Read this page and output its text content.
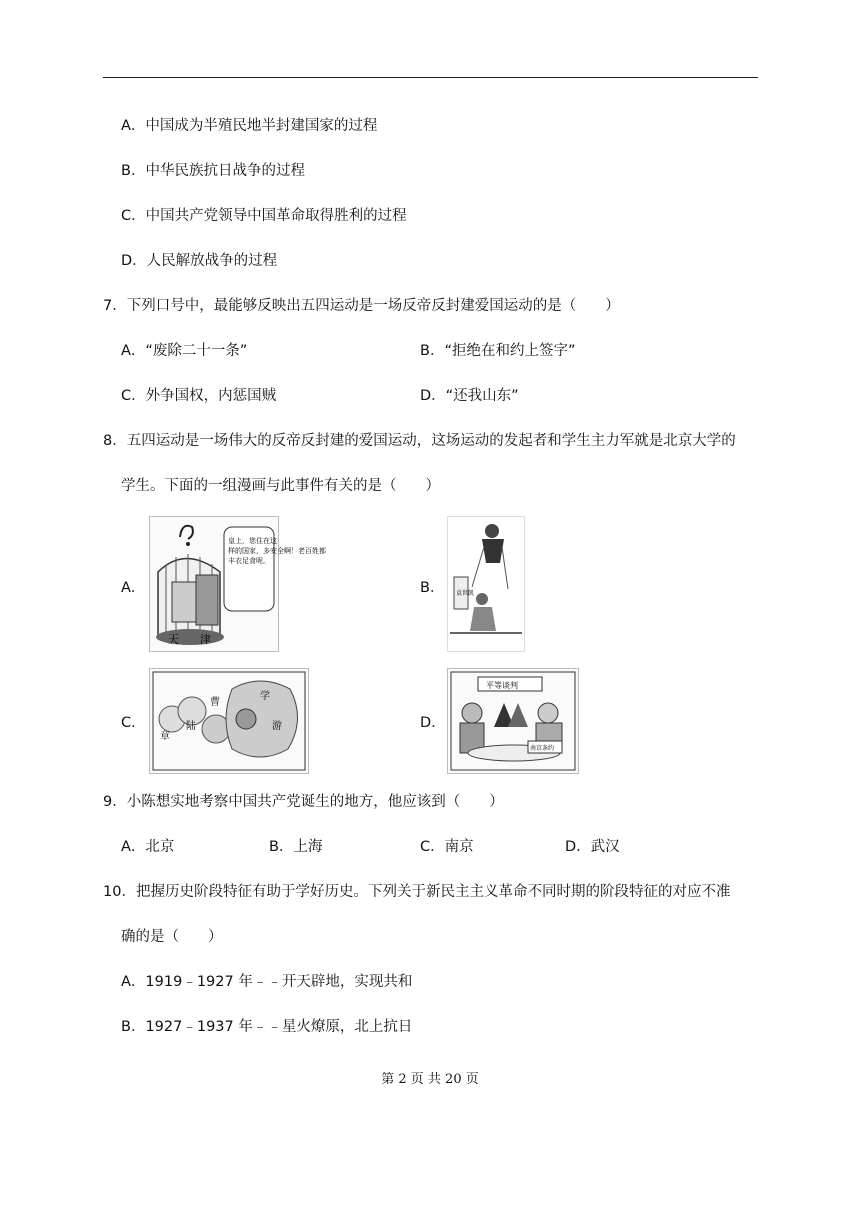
A．中国成为半殖民地半封建国家的过程
B．中华民族抗日战争的过程
C．中国共产党领导中国革命取得胜利的过程
D．人民解放战争的过程
7．下列口号中，最能够反映出五四运动是一场反帝反封建爱国运动的是（　　）
A．“废除二十一条”	B．“拒绝在和约上签字”
C．外争国权，内惩国贼	D．“还我山东”
8．五四运动是一场伟大的反帝反封建的爱国运动，这场运动的发起者和学生主力军就是北京大学的
学生。下面的一组漫画与此事件有关的是（　　）
A．
天 津
皇上，您住在这
样的国家，多安全啊！老百姓都
丰衣足食呢。
B． 袁世凯
C．
章
陆
曹
学
游	D．
平等谈判
南京条约
9．小陈想实地考察中国共产党诞生的地方，他应该到（　　）
A．北京	B．上海	C．南京	D．武汉
10．把握历史阶段特征有助于学好历史。下列关于新民主主义革命不同时期的阶段特征的对应不准
确的是（　　）
A．1919﹣1927 年﹣﹣开天辟地，实现共和
B．1927﹣1937 年﹣﹣星火燎原，北上抗日
第 2 页 共 20 页
